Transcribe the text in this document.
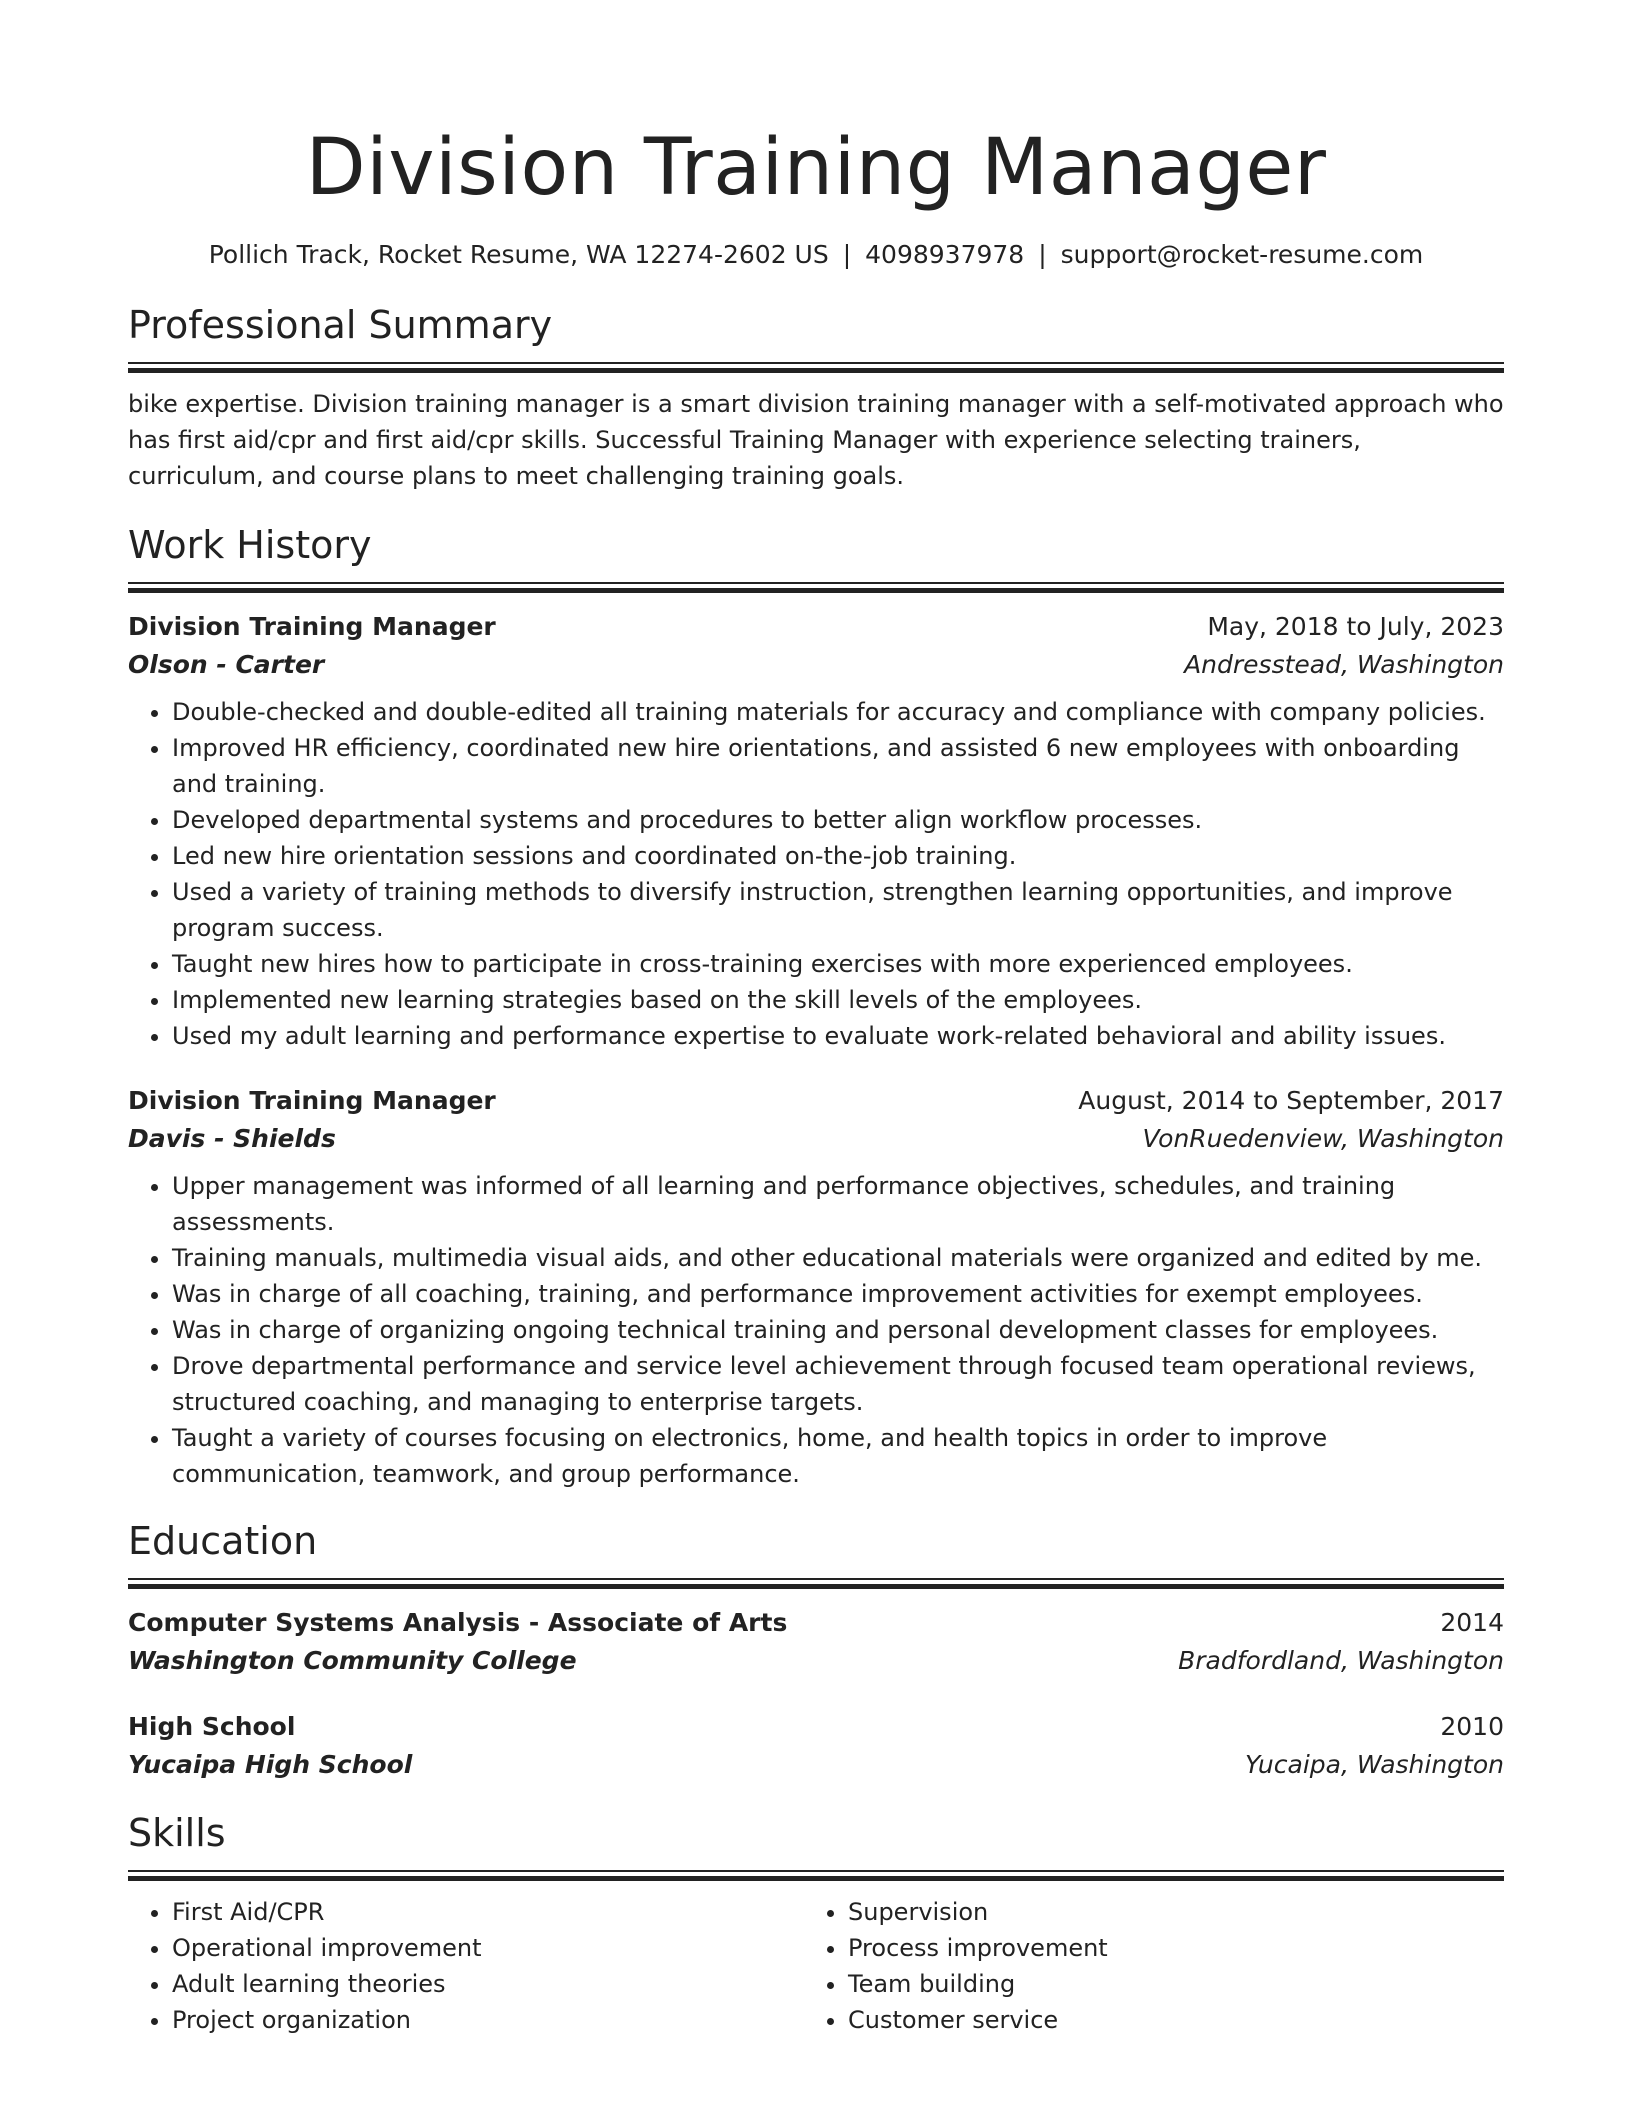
Division Training Manager
Pollich Track, Rocket Resume, WA 12274-2602 US | 4098937978 | support@rocket-resume.com
Professional Summary
bike expertise. Division training manager is a smart division training manager with a self-motivated approach who has first aid/cpr and first aid/cpr skills. Successful Training Manager with experience selecting trainers, curriculum, and course plans to meet challenging training goals.
Work History
Division Training Manager	May, 2018 to July, 2023
Olson - Carter	Andresstead, Washington
• Double-checked and double-edited all training materials for accuracy and compliance with company policies.
• Improved HR efficiency, coordinated new hire orientations, and assisted 6 new employees with onboarding and training.
• Developed departmental systems and procedures to better align workflow processes.
• Led new hire orientation sessions and coordinated on-the-job training.
• Used a variety of training methods to diversify instruction, strengthen learning opportunities, and improve program success.
• Taught new hires how to participate in cross-training exercises with more experienced employees.
• Implemented new learning strategies based on the skill levels of the employees.
• Used my adult learning and performance expertise to evaluate work-related behavioral and ability issues.
Division Training Manager	August, 2014 to September, 2017
Davis - Shields	VonRuedenview, Washington
• Upper management was informed of all learning and performance objectives, schedules, and training assessments.
• Training manuals, multimedia visual aids, and other educational materials were organized and edited by me.
• Was in charge of all coaching, training, and performance improvement activities for exempt employees.
• Was in charge of organizing ongoing technical training and personal development classes for employees.
• Drove departmental performance and service level achievement through focused team operational reviews, structured coaching, and managing to enterprise targets.
• Taught a variety of courses focusing on electronics, home, and health topics in order to improve communication, teamwork, and group performance.
Education
Computer Systems Analysis - Associate of Arts	2014
Washington Community College	Bradfordland, Washington
High School	2010
Yucaipa High School	Yucaipa, Washington
Skills
• First Aid/CPR
• Operational improvement
• Adult learning theories
• Project organization
• Supervision
• Process improvement
• Team building
• Customer service
